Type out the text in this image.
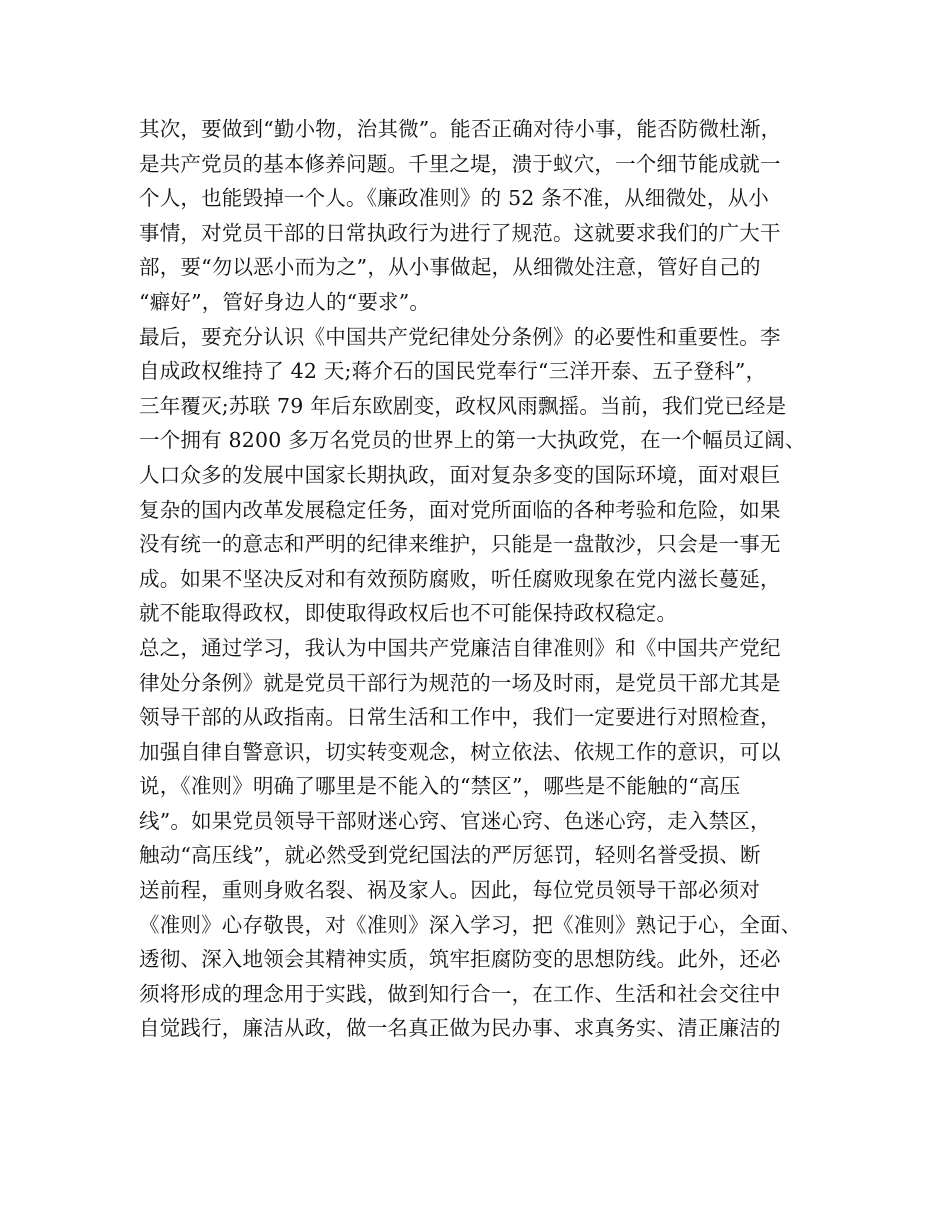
其次，要做到“勤小物，治其微”。能否正确对待小事，能否防微杜渐，
是共产党员的基本修养问题。千里之堤，溃于蚁穴，一个细节能成就一
个人，也能毁掉一个人。《廉政准则》的 52 条不准，从细微处，从小
事情，对党员干部的日常执政行为进行了规范。这就要求我们的广大干
部，要“勿以恶小而为之”，从小事做起，从细微处注意，管好自己的
“癖好”，管好身边人的“要求”。
最后，要充分认识《中国共产党纪律处分条例》的必要性和重要性。李
自成政权维持了 42 天;蒋介石的国民党奉行“三洋开泰、五子登科”，
三年覆灭;苏联 79 年后东欧剧变，政权风雨飘摇。当前，我们党已经是
一个拥有 8200 多万名党员的世界上的第一大执政党，在一个幅员辽阔、
人口众多的发展中国家长期执政，面对复杂多变的国际环境，面对艰巨
复杂的国内改革发展稳定任务，面对党所面临的各种考验和危险，如果
没有统一的意志和严明的纪律来维护，只能是一盘散沙，只会是一事无
成。如果不坚决反对和有效预防腐败，听任腐败现象在党内滋长蔓延，
就不能取得政权，即使取得政权后也不可能保持政权稳定。
总之，通过学习，我认为中国共产党廉洁自律准则》和《中国共产党纪
律处分条例》就是党员干部行为规范的一场及时雨，是党员干部尤其是
领导干部的从政指南。日常生活和工作中，我们一定要进行对照检查，
加强自律自警意识，切实转变观念，树立依法、依规工作的意识，可以
说，《准则》明确了哪里是不能入的“禁区”，哪些是不能触的“高压
线”。如果党员领导干部财迷心窍、官迷心窍、色迷心窍，走入禁区，
触动“高压线”，就必然受到党纪国法的严厉惩罚，轻则名誉受损、断
送前程，重则身败名裂、祸及家人。因此，每位党员领导干部必须对
《准则》心存敬畏，对《准则》深入学习，把《准则》熟记于心，全面、
透彻、深入地领会其精神实质，筑牢拒腐防变的思想防线。此外，还必
须将形成的理念用于实践，做到知行合一，在工作、生活和社会交往中
自觉践行，廉洁从政，做一名真正做为民办事、求真务实、清正廉洁的
